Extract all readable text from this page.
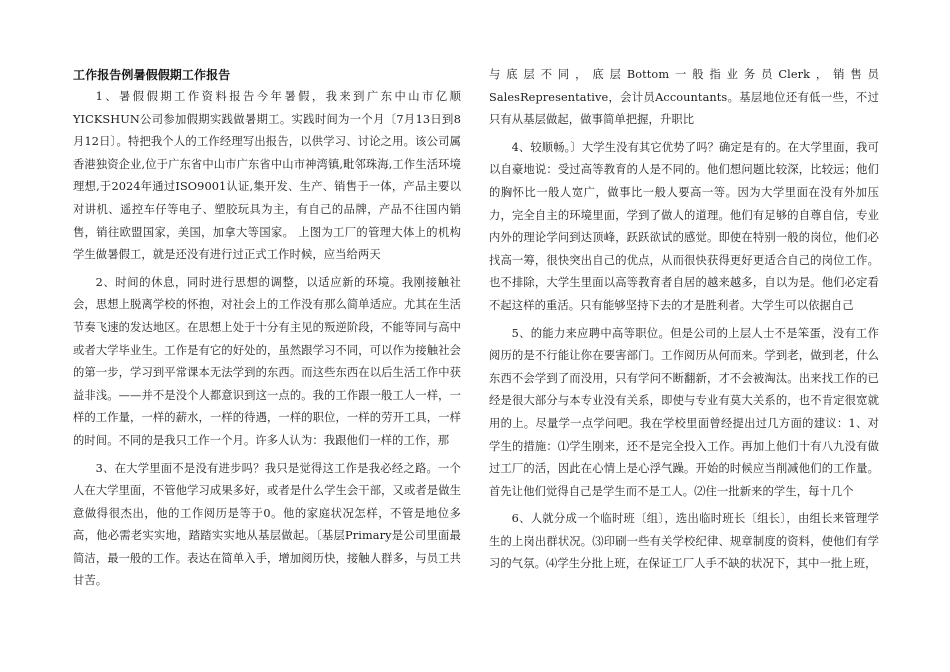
工作报告例暑假假期工作报告

1、暑假假期工作资料报告今年暑假，我来到广东中山市亿顺YICKSHUN公司参加假期实践做暑期工。实践时间为一个月〔7月13日到8月12日〕。特把我个人的工作经理写出报告，以供学习、讨论之用。该公司属香港独资企业,位于广东省中山市广东省中山市神湾镇,毗邻珠海,工作生活环境理想,于2024年通过ISO9001认证,集开发、生产、销售于一体，产品主要以对讲机、遥控车仔等电子、塑胶玩具为主，有自己的品牌，产品不往国内销售，销往欧盟国家，美国，加拿大等国家。 上图为工厂的管理大体上的机构学生做暑假工，就是还没有进行过正式工作时候，应当给两天

2、时间的休息，同时进行思想的调整，以适应新的环境。我刚接触社会，思想上脱离学校的怀抱，对社会上的工作没有那么简单适应。尤其在生活节奏飞速的发达地区。在思想上处于十分有主见的叛逆阶段，不能等同与高中或者大学毕业生。工作是有它的好处的，虽然跟学习不同，可以作为接触社会的第一步，学习到平常课本无法学到的东西。而这些东西在以后生活工作中获益非浅。——并不是没个人都意识到这一点的。我的工作跟一般工人一样，一样的工作量，一样的薪水，一样的待遇，一样的职位，一样的劳开工具，一样的时间。不同的是我只工作一个月。许多人认为：我跟他们一样的工作，那

3、在大学里面不是没有进步吗？我只是觉得这工作是我必经之路。一个人在大学里面，不管他学习成果多好，或者是什么学生会干部，又或者是做生意做得很杰出，他的工作阅历是等于0。他的家庭状况怎样，不管是地位多高，他必需老实实地，踏踏实实地从基层做起。〔基层Primary是公司里面最简洁，最一般的工作。表达在简单入手，增加阅历快，接触人群多，与员工共甘苦。

与底层不同，底层Bottom一般指业务员Clerk，销售员SalesRepresentative，会计员Accountants。基层地位还有低一些，不过只有从基层做起，做事简单把握，升职比

4、较顺畅。〕大学生没有其它优势了吗？确定是有的。在大学里面，我可以自豪地说：受过高等教育的人是不同的。他们想问题比较深，比较远；他们的胸怀比一般人宽广，做事比一般人要高一等。因为大学里面在没有外加压力，完全自主的环境里面，学到了做人的道理。他们有足够的自尊自信，专业内外的理论学问到达顶峰，跃跃欲试的感觉。即使在特别一般的岗位，他们必找高一筹，很快突出自己的优点，从而很快获得更好更适合自己的岗位工作。也不排除，大学生里面以高等教育者自居的越来越多，自以为是。他们必定看不起这样的重活。只有能够坚持下去的才是胜利者。大学生可以依据自己

5、的能力来应聘中高等职位。但是公司的上层人士不是笨蛋，没有工作阅历的是不行能让你在要害部门。工作阅历从何而来。学到老，做到老，什么东西不会学到了而没用，只有学问不断翻新，才不会被淘汰。出来找工作的已经是很大部分与本专业没有关系，即使与专业有莫大关系的，也不肯定很宽就用的上。尽量学一点学问吧。我在学校里面曾经提出过几方面的建议：1、对学生的措施：⑴学生刚来，还不是完全投入工作。再加上他们十有八九没有做过工厂的活，因此在心情上是心浮气躁。开始的时候应当削减他们的工作量。首先让他们觉得自己是学生而不是工人。⑵住一批新来的学生，每十几个

6、人就分成一个临时班〔组〕，选出临时班长〔组长〕，由组长来管理学生的上岗出群状况。⑶印刷一些有关学校纪律、规章制度的资料，使他们有学习的气氛。⑷学生分批上班，在保证工厂人手不缺的状况下，其中一批上班，
